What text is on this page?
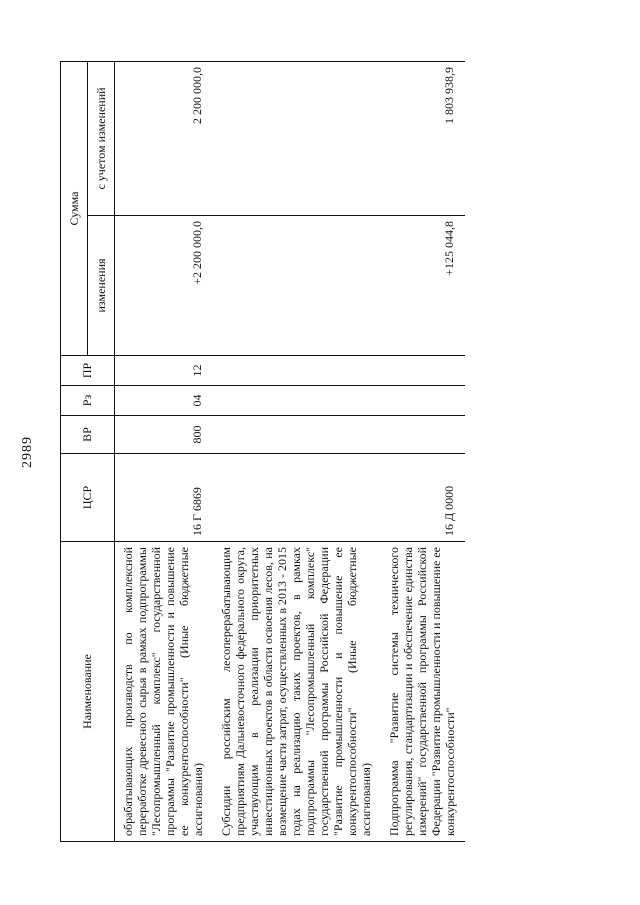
2989
Наименование	ЦСР	ВР	Рз	ПР	Сумма	
					изменения	с учетом изменений
обрабатывающих производств по комплексной переработке древесного сырья в рамках подпрограммы "Лесопромышленный комплекс" государственной программы "Развитие промышленности и повышение ее конкурентоспособности" (Иные бюджетные ассигнования)	16 Г 6869	800	04	12	+2 200 000,0	2 200 000,0
Субсидии российским лесоперерабатывающим предприятиям Дальневосточного федерального округа, участвующим в реализации приоритетных инвестиционных проектов в области освоения лесов, на возмещение части затрат, осуществленных в 2013 - 2015 годах на реализацию таких проектов, в рамках подпрограммы "Лесопромышленный комплекс" государственной программы Российской Федерации "Развитие промышленности и повышение ее конкурентоспособности" (Иные бюджетные ассигнования)						
Подпрограмма "Развитие системы технического регулирования, стандартизации и обеспечение единства измерений" государственной программы Российской Федерации "Развитие промышленности и повышение ее конкурентоспособности"	16 Д 0000				+125 044,8	1 803 938,9
